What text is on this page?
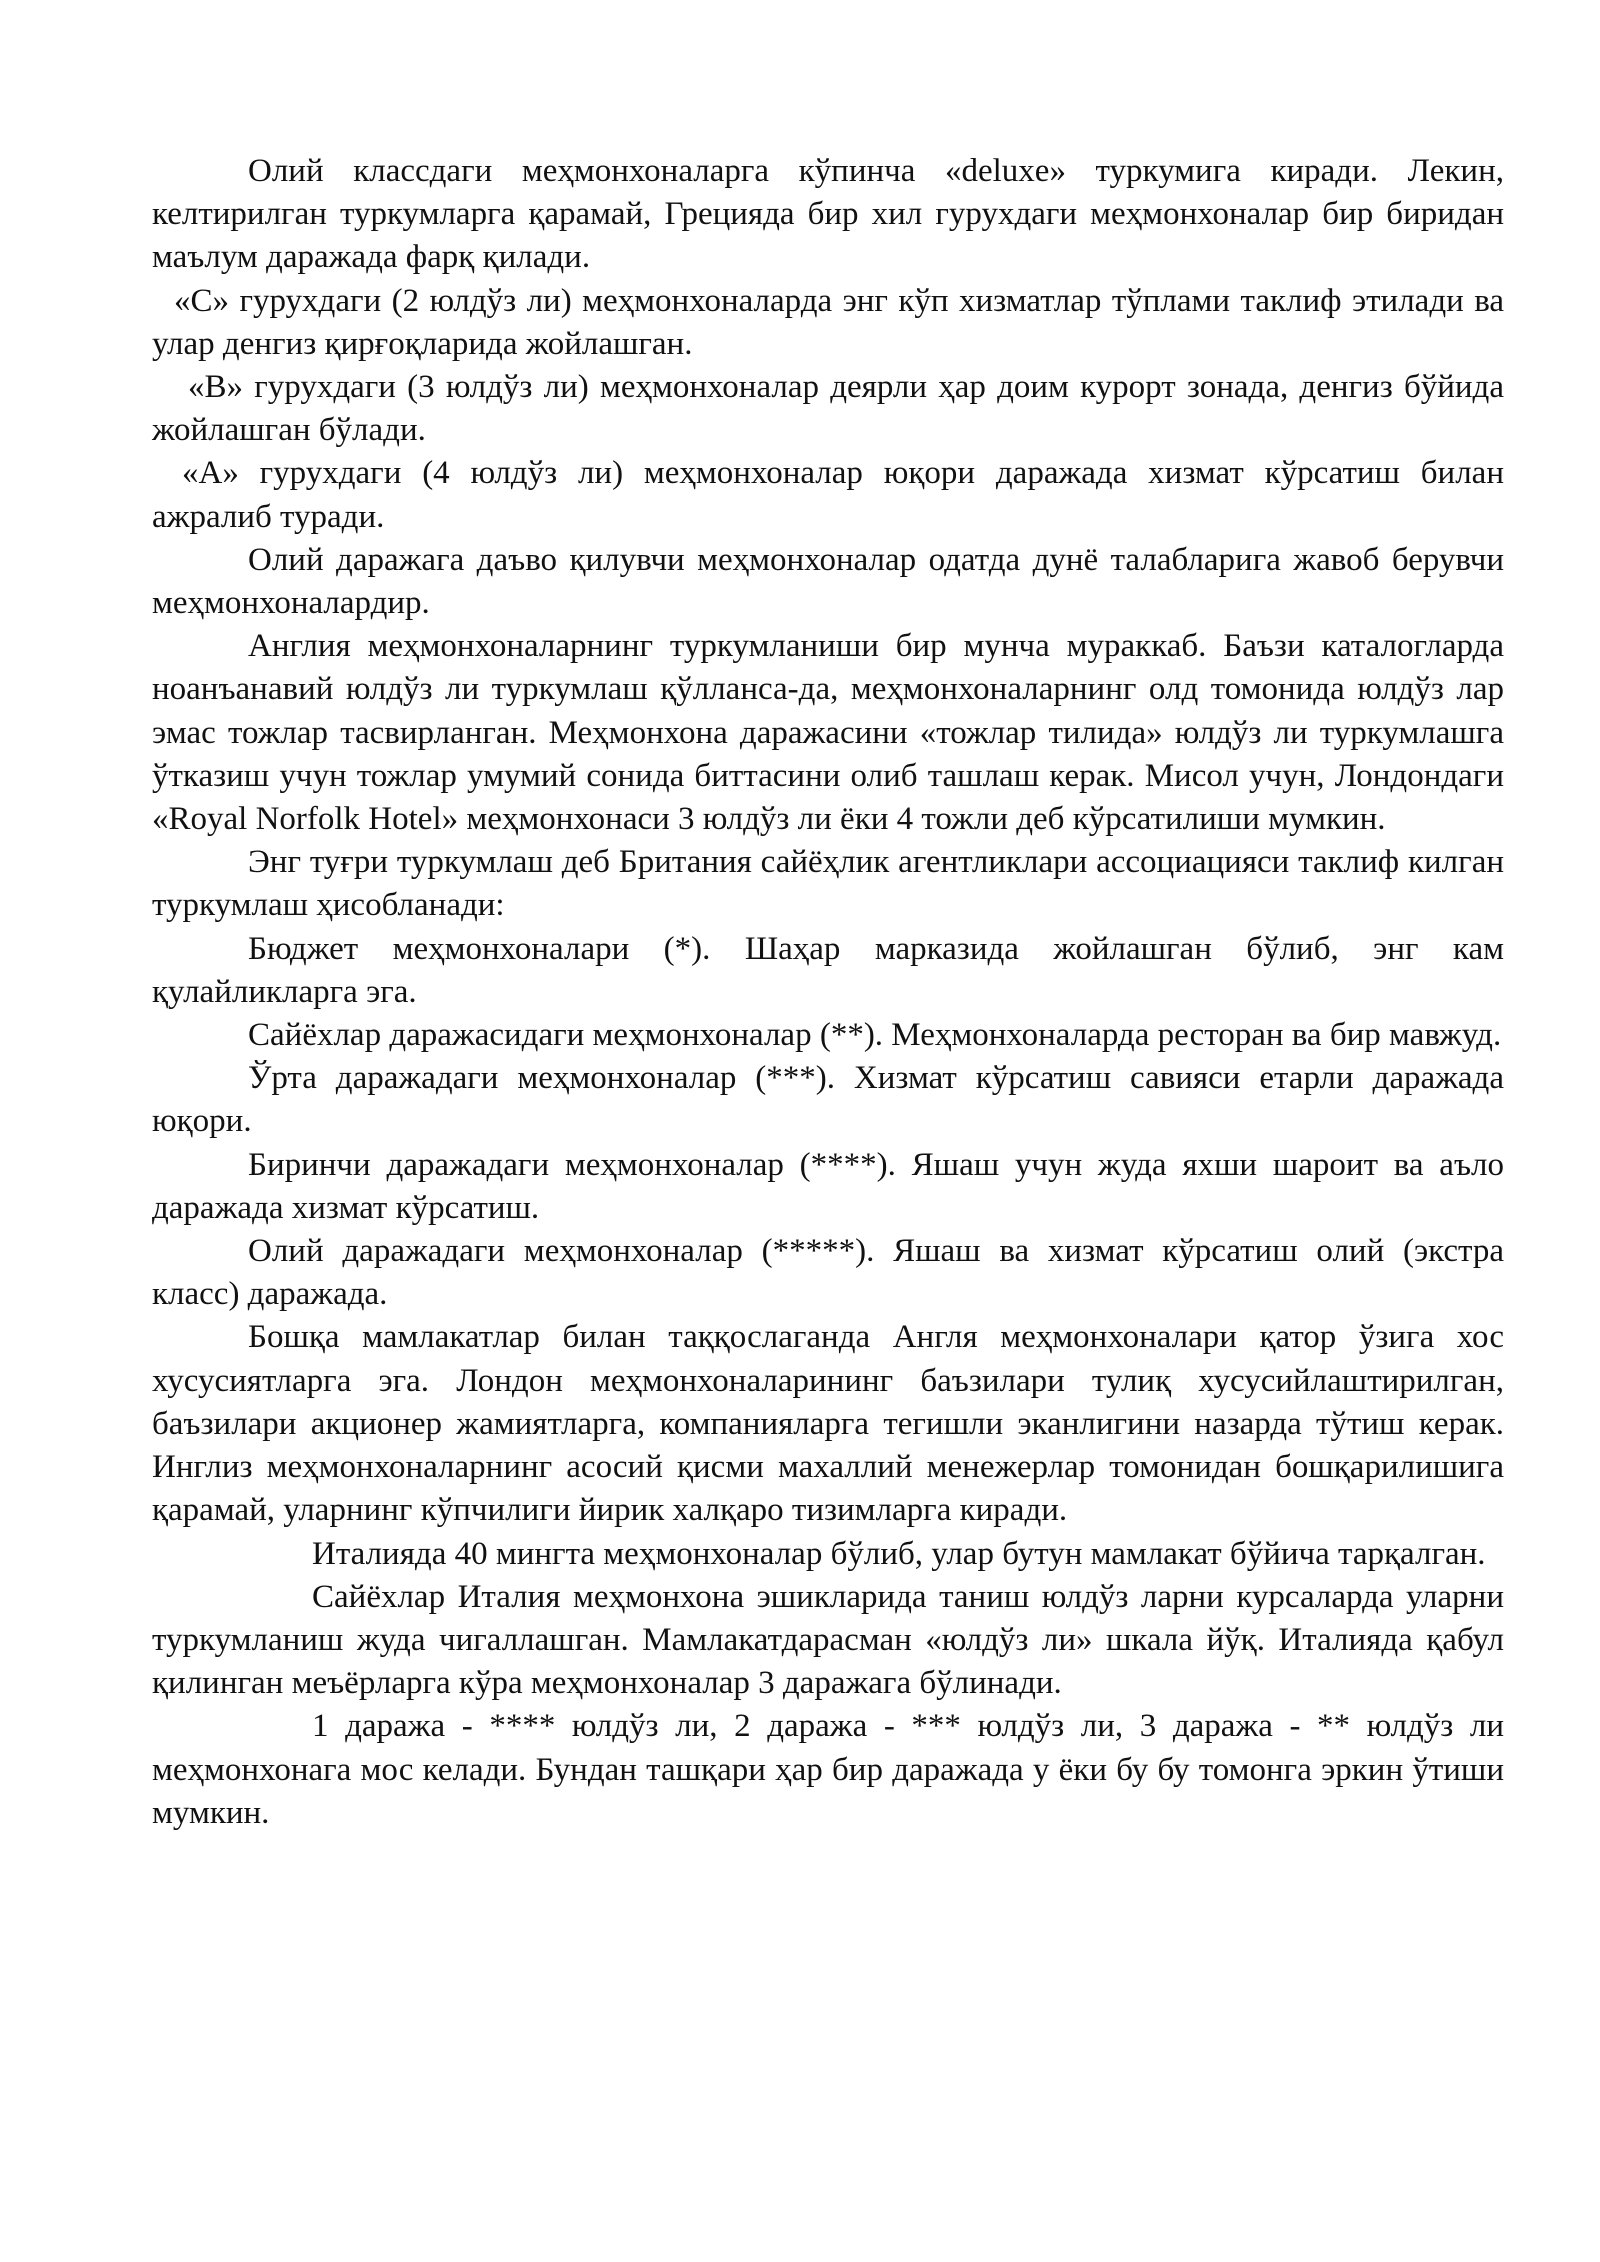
Олий классдаги меҳмонхоналарга кўпинча «deluxe» туркумига киради. Лекин, келтирилган туркумларга қарамай, Грецияда бир хил гурухдаги меҳмонхоналар бир биридан маълум даражада фарқ қилади.

«С» гурухдаги (2 юлдўз ли) меҳмонхоналарда энг кўп хизматлар тўплами таклиф этилади ва улар денгиз қирғоқларида жойлашган.

«В» гурухдаги (3 юлдўз ли) меҳмонхоналар деярли ҳар доим курорт зонада, денгиз бўйида жойлашган бўлади.

«А» гурухдаги (4 юлдўз ли) меҳмонхоналар юқори даражада хизмат кўрсатиш билан ажралиб туради.

Олий даражага даъво қилувчи меҳмонхоналар одатда дунё талабларига жавоб берувчи меҳмонхоналардир.

Англия меҳмонхоналарнинг туркумланиши бир мунча мураккаб. Баъзи каталогларда ноанъанавий юлдўз ли туркумлаш қўлланса-да, меҳмонхоналарнинг олд томонида юлдўз лар эмас тожлар тасвирланган. Меҳмонхона даражасини «тожлар тилида» юлдўз ли туркумлашга ўтказиш учун тожлар умумий сонида биттасини олиб ташлаш керак. Мисол учун, Лондондаги «Royal Norfolk Hotel» меҳмонхонаси 3 юлдўз ли ёки 4 тожли деб кўрсатилиши мумкин.

Энг туғри туркумлаш деб Британия сайёҳлик агентликлари ассоциацияси таклиф килган туркумлаш ҳисобланади:

Бюджет меҳмонхоналари (*). Шаҳар марказида жойлашган бўлиб, энг кам қулайликларга эга.

Сайёхлар даражасидаги меҳмонхоналар (**). Меҳмонхоналарда ресторан ва бир мавжуд.

Ўрта даражадаги меҳмонхоналар (***). Хизмат кўрсатиш савияси етарли даражада юқори.

Биринчи даражадаги меҳмонхоналар (****). Яшаш учун жуда яхши шароит ва аъло даражада хизмат кўрсатиш.

Олий даражадаги меҳмонхоналар (*****). Яшаш ва хизмат кўрсатиш олий (экстра класс) даражада.

Бошқа мамлакатлар билан таққослаганда Англя меҳмонхоналари қатор ўзига хос хусусиятларга эга. Лондон меҳмонхоналарининг баъзилари тулиқ хусусийлаштирилган, баъзилари акционер жамиятларга, компанияларга тегишли эканлигини назарда тўтиш керак. Инглиз меҳмонхоналарнинг асосий қисми махаллий менежерлар томонидан бошқарилишига қарамай, уларнинг кўпчилиги йирик халқаро тизимларга киради.

Италияда 40 мингта меҳмонхоналар бўлиб, улар бутун мамлакат бўйича тарқалган.

Сайёхлар Италия меҳмонхона эшикларида таниш юлдўз ларни курсаларда уларни туркумланиш жуда чигаллашган. Мамлакатдарасман «юлдўз ли» шкала йўқ. Италияда қабул қилинган меъёрларга кўра меҳмонхоналар 3 даражага бўлинади.

1 даража - **** юлдўз ли, 2 даража - *** юлдўз ли, 3 даража - ** юлдўз ли меҳмонхонага мос келади. Бундан ташқари ҳар бир даражада у ёки бу бу томонга эркин ўтиши мумкин.
